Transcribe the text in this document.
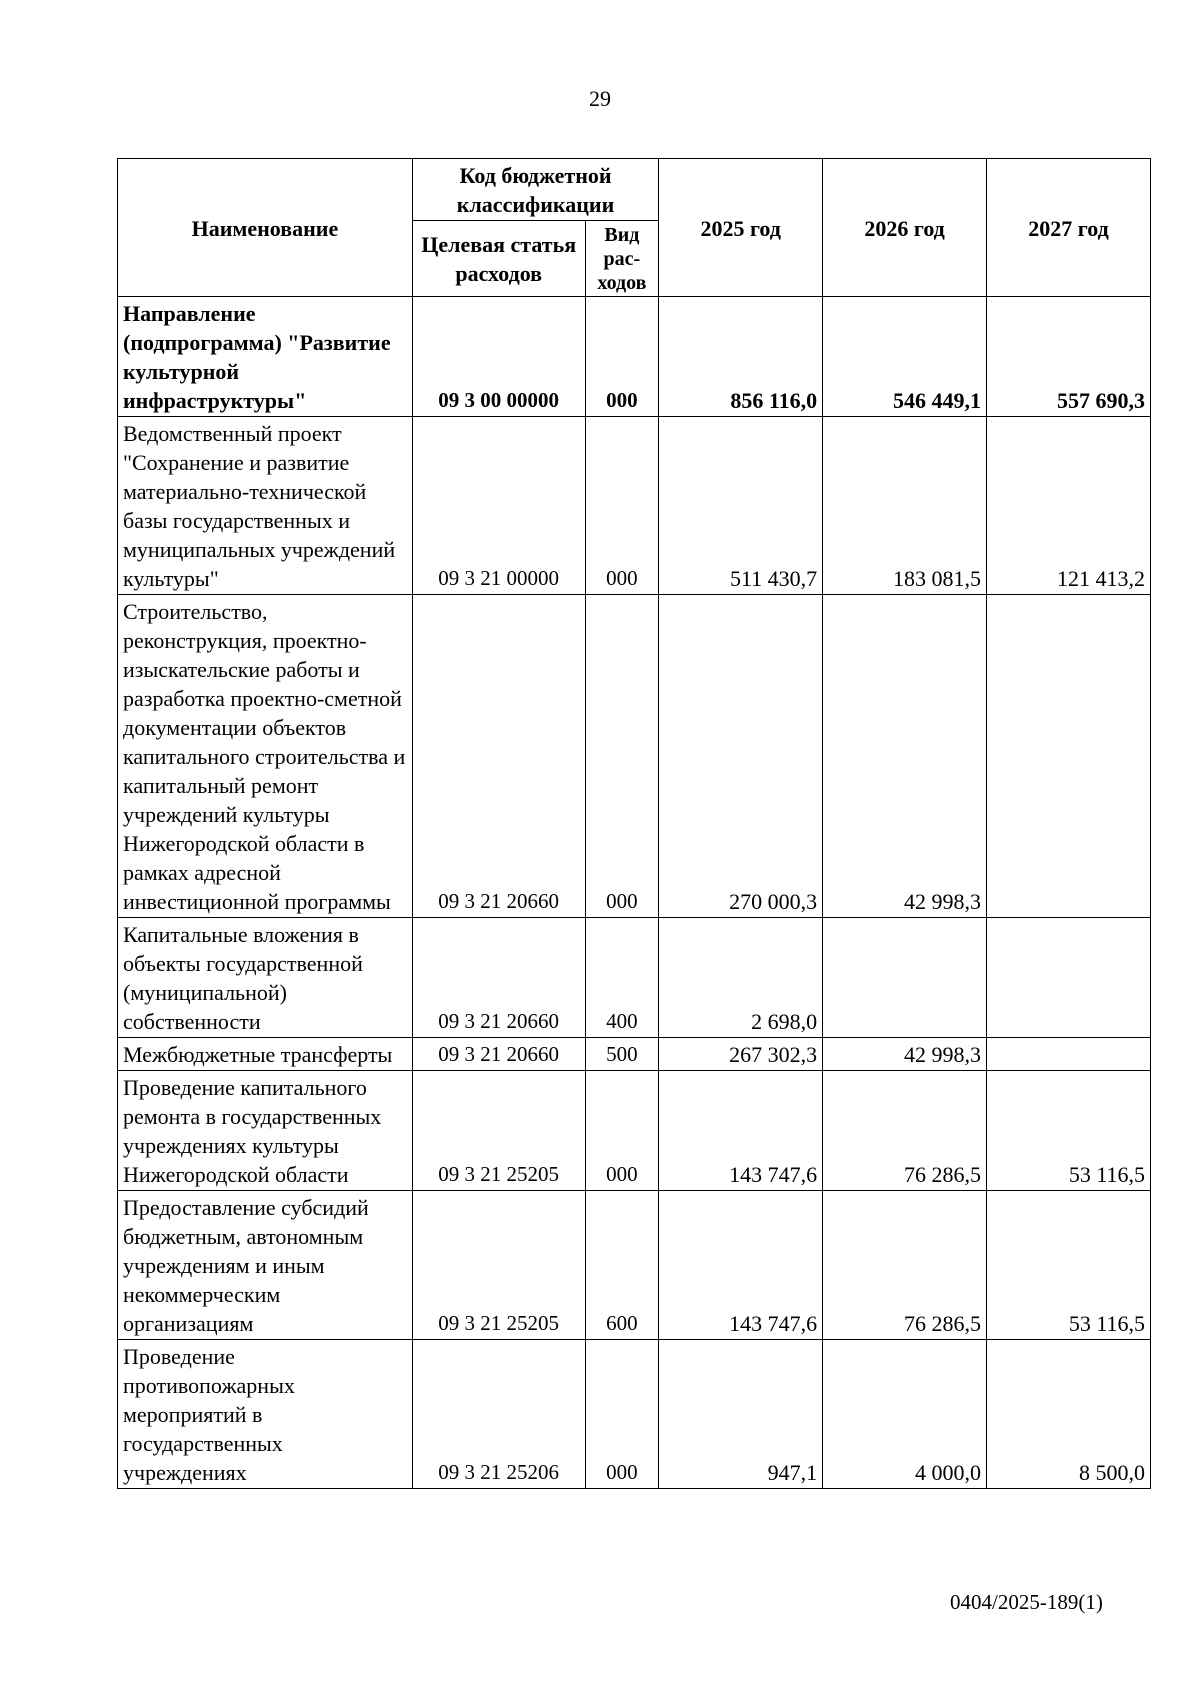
29
Наименование	Код бюджетной классификации		2025 год	2026 год	2027 год
	Целевая статья расходов	Вид рас-ходов			
Направление (подпрограмма) "Развитие культурной инфраструктуры"	09 3 00 00000	000	856 116,0	546 449,1	557 690,3
Ведомственный проект "Сохранение и развитие материально-технической базы государственных и муниципальных учреждений культуры"	09 3 21 00000	000	511 430,7	183 081,5	121 413,2
Строительство, реконструкция, проектно-изыскательские работы и разработка проектно-сметной документации объектов капитального строительства и капитальный ремонт учреждений культуры Нижегородской области в рамках адресной инвестиционной программы	09 3 21 20660	000	270 000,3	42 998,3	
Капитальные вложения в объекты государственной (муниципальной) собственности	09 3 21 20660	400	2 698,0		
Межбюджетные трансферты	09 3 21 20660	500	267 302,3	42 998,3	
Проведение капитального ремонта в государственных учреждениях культуры Нижегородской области	09 3 21 25205	000	143 747,6	76 286,5	53 116,5
Предоставление субсидий бюджетным, автономным учреждениям и иным некоммерческим организациям	09 3 21 25205	600	143 747,6	76 286,5	53 116,5
Проведение противопожарных мероприятий в государственных учреждениях	09 3 21 25206	000	947,1	4 000,0	8 500,0
0404/2025-189(1)
